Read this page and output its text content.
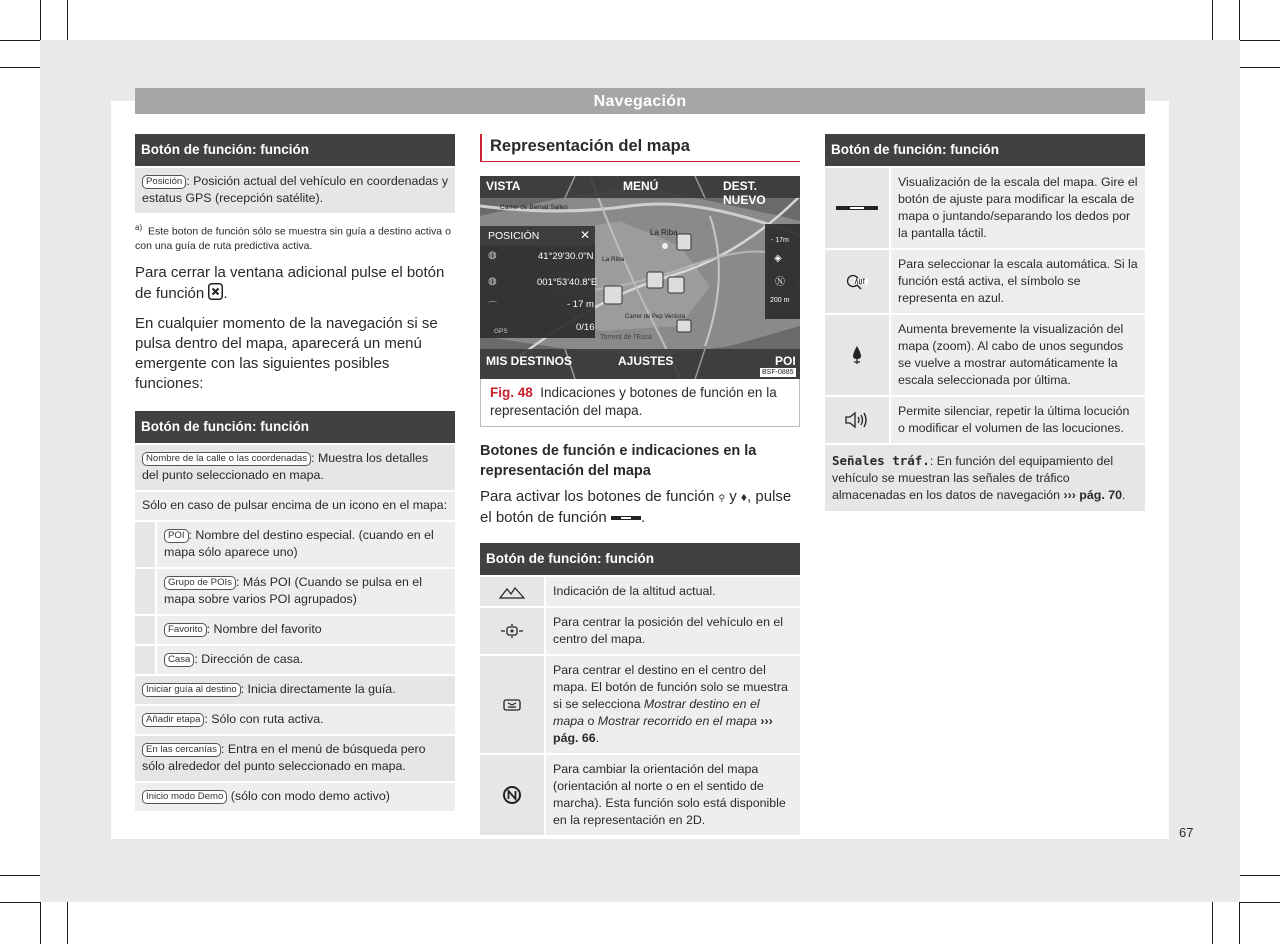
Navegación
Botón de función: función
Posición : Posición actual del vehículo en coordenadas y estatus GPS (recepción satélite).
$^{a)}$ Este boton de función sólo se muestra sin guía a destino activa o con una guía de ruta predictiva activa.
Para cerrar la ventana adicional pulse el botón de función .
En cualquier momento de la navegación si se pulsa dentro del mapa, aparecerá un menú emergente con las siguientes posibles funciones:
Botón de función: función
Nombre de la calle o las coordenadas : Muestra los detalles del punto seleccionado en mapa.
Sólo en caso de pulsar encima de un icono en el mapa:
POI : Nombre del destino especial. (cuando en el mapa sólo aparece uno)
Grupo de POIs : Más POI (Cuando se pulsa en el mapa sobre varios POI agrupados)
Favorito : Nombre del favorito
Casa : Dirección de casa.
Iniciar guía al destino : Inicia directamente la guía.
Añadir etapa : Sólo con ruta activa.
En las cercanías : Entra en el menú de búsqueda pero sólo alrededor del punto seleccionado en mapa.
Inicio modo Demo (sólo con modo demo activo)
Representación del mapa
VISTA	MENÚ	DEST. NUEVO
MIS DESTINOS	AJUSTES	POI
BSF-0885
Carrer de Bernat Salles
La Riba
La Riba
Carrer de Pep Ventura
Torrent de l'Esca
POSICIÓN	✕
◍	41°29'30.0"N
◍	001°53'40.8"E
⌒	- 17 m
GPS	0/16
- 17m
◈
Ⓝ
200 m
Fig. 48 Indicaciones y botones de función en la representación del mapa.
Botones de función e indicaciones en la representación del mapa
Para activar los botones de función ⚲ y ♦, pulse el botón de función .
Botón de función: función
Indicación de la altitud actual.
Para centrar la posición del vehículo en el centro del mapa.
Para centrar el destino en el centro del mapa. El botón de función solo se muestra si se selecciona Mostrar destino en el mapa o Mostrar recorrido en el mapa ››› pág. 66.
Para cambiar la orientación del mapa (orientación al norte o en el sentido de marcha). Esta función solo está disponible en la representación en 2D.
Botón de función: función
Visualización de la escala del mapa. Gire el botón de ajuste para modificar la escala de mapa o juntando/separando los dedos por la pantalla táctil.
Para seleccionar la escala automática. Si la función está activa, el símbolo se representa en azul.
Aumenta brevemente la visualización del mapa (zoom). Al cabo de unos segundos se vuelve a mostrar automáticamente la escala seleccionada por última.
Permite silenciar, repetir la última locución o modificar el volumen de las locuciones.
Señales tráf.: En función del equipamiento del vehículo se muestran las señales de tráfico almacenadas en los datos de navegación ››› pág. 70.
67
